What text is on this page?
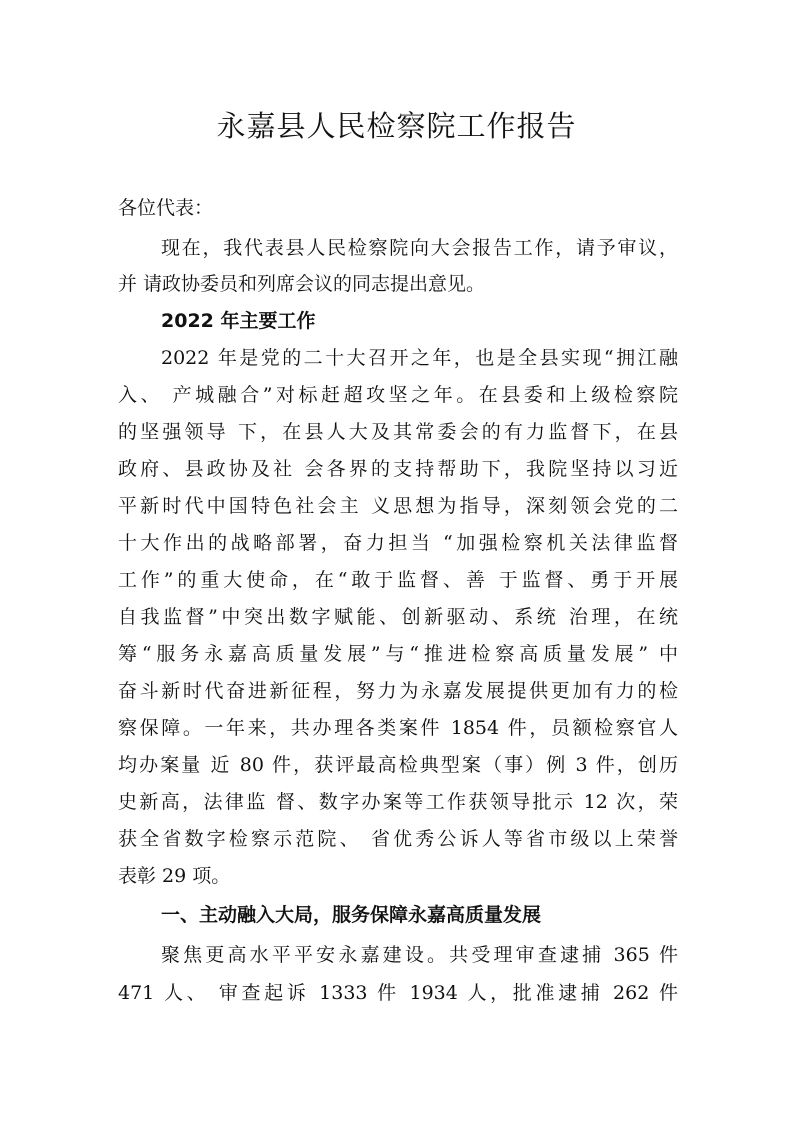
永嘉县人民检察院工作报告
各位代表：
现在，我代表县人民检察院向大会报告工作，请予审议，
并 请政协委员和列席会议的同志提出意见。
2022 年主要工作
2022 年是党的二十大召开之年，也是全县实现“拥江融
入、 产城融合”对标赶超攻坚之年。在县委和上级检察院
的坚强领导 下，在县人大及其常委会的有力监督下，在县
政府、县政协及社 会各界的支持帮助下，我院坚持以习近
平新时代中国特色社会主 义思想为指导，深刻领会党的二
十大作出的战略部署，奋力担当 “加强检察机关法律监督
工作”的重大使命，在“敢于监督、善 于监督、勇于开展
自我监督”中突出数字赋能、创新驱动、系统 治理，在统
筹“服务永嘉高质量发展”与“推进检察高质量发展” 中
奋斗新时代奋进新征程，努力为永嘉发展提供更加有力的检
察保障。一年来，共办理各类案件 1854 件，员额检察官人
均办案量 近 80 件，获评最高检典型案（事）例 3 件，创历
史新高，法律监 督、数字办案等工作获领导批示 12 次，荣
获全省数字检察示范院、 省优秀公诉人等省市级以上荣誉
表彰 29 项。
一、主动融入大局，服务保障永嘉高质量发展
聚焦更高水平平安永嘉建设。共受理审查逮捕 365 件
471 人、 审查起诉 1333 件 1934 人，批准逮捕 262 件
